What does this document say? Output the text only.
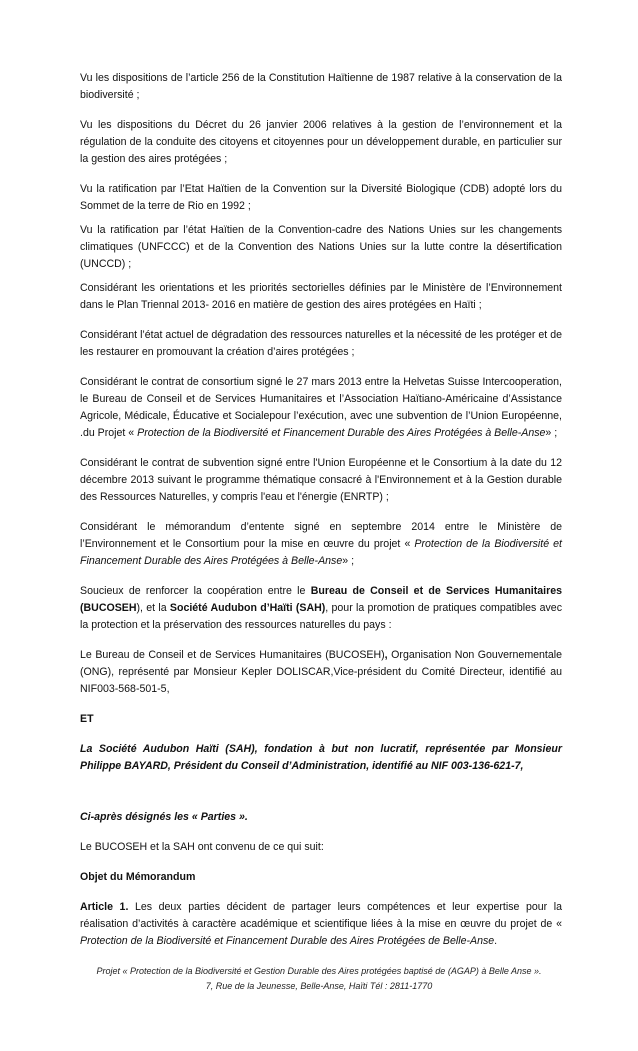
Vu les dispositions de l’article 256 de la Constitution Haïtienne de 1987 relative à la conservation de la biodiversité ;

Vu les dispositions du Décret du 26 janvier 2006 relatives à la gestion de l’environnement et la régulation de la conduite des citoyens et citoyennes pour un développement durable, en particulier sur la gestion des aires protégées ;

Vu la ratification par l’Etat Haïtien de la Convention sur la Diversité Biologique (CDB) adopté lors du Sommet de la terre de Rio en 1992 ;

Vu la ratification par l’état Haïtien de la Convention-cadre des Nations Unies sur les changements climatiques (UNFCCC) et de la Convention des Nations Unies sur la lutte contre la désertification (UNCCD) ;

Considérant les orientations et les priorités sectorielles définies par le Ministère de l’Environnement dans le Plan Triennal 2013- 2016 en matière de gestion des aires protégées en Haïti ;

Considérant l’état actuel de dégradation des ressources naturelles et la nécessité de les protéger et de les restaurer en promouvant la création d’aires protégées ;

Considérant le contrat de consortium signé le 27 mars 2013 entre la Helvetas Suisse Intercooperation, le Bureau de Conseil et de Services Humanitaires et l’Association Haïtiano-Américaine d’Assistance Agricole, Médicale, Éducative et Socialepour l’exécution, avec une subvention de l’Union Européenne, .du Projet « Protection de la Biodiversité et Financement Durable des Aires Protégées à Belle-Anse» ;

Considérant le contrat de subvention signé entre l'Union Européenne et le Consortium à la date du 12 décembre 2013 suivant le programme thématique consacré à l'Environnement et à la Gestion durable des Ressources Naturelles, y compris l'eau et l'énergie (ENRTP) ;

Considérant le mémorandum d’entente signé en septembre 2014 entre le Ministère de l’Environnement et le Consortium pour la mise en œuvre du projet « Protection de la Biodiversité et Financement Durable des Aires Protégées à Belle-Anse» ;

Soucieux de renforcer la coopération entre le Bureau de Conseil et de Services Humanitaires (BUCOSEH), et la Société Audubon d’Haïti (SAH), pour la promotion de pratiques compatibles avec la protection et la préservation des ressources naturelles du pays :

Le Bureau de Conseil et de Services Humanitaires (BUCOSEH), Organisation Non Gouvernementale (ONG), représenté par Monsieur Kepler DOLISCAR,Vice-président du Comité Directeur, identifié au NIF003-568-501-5,

ET

La Société Audubon Haïti (SAH), fondation à but non lucratif, représentée par Monsieur Philippe BAYARD, Président du Conseil d’Administration, identifié au NIF 003-136-621-7,

Ci-après désignés les « Parties ».

Le BUCOSEH et la SAH ont convenu de ce qui suit:

Objet du Mémorandum

Article 1. Les deux parties décident de partager leurs compétences et leur expertise pour la réalisation d’activités à caractère académique et scientifique liées à la mise en œuvre du projet de « Protection de la Biodiversité et Financement Durable des Aires Protégées de Belle-Anse.

Projet « Protection de la Biodiversité et Gestion Durable des Aires protégées baptisé de (AGAP) à Belle Anse ».
7, Rue de la Jeunesse, Belle-Anse, Haïti Tél : 2811-1770
